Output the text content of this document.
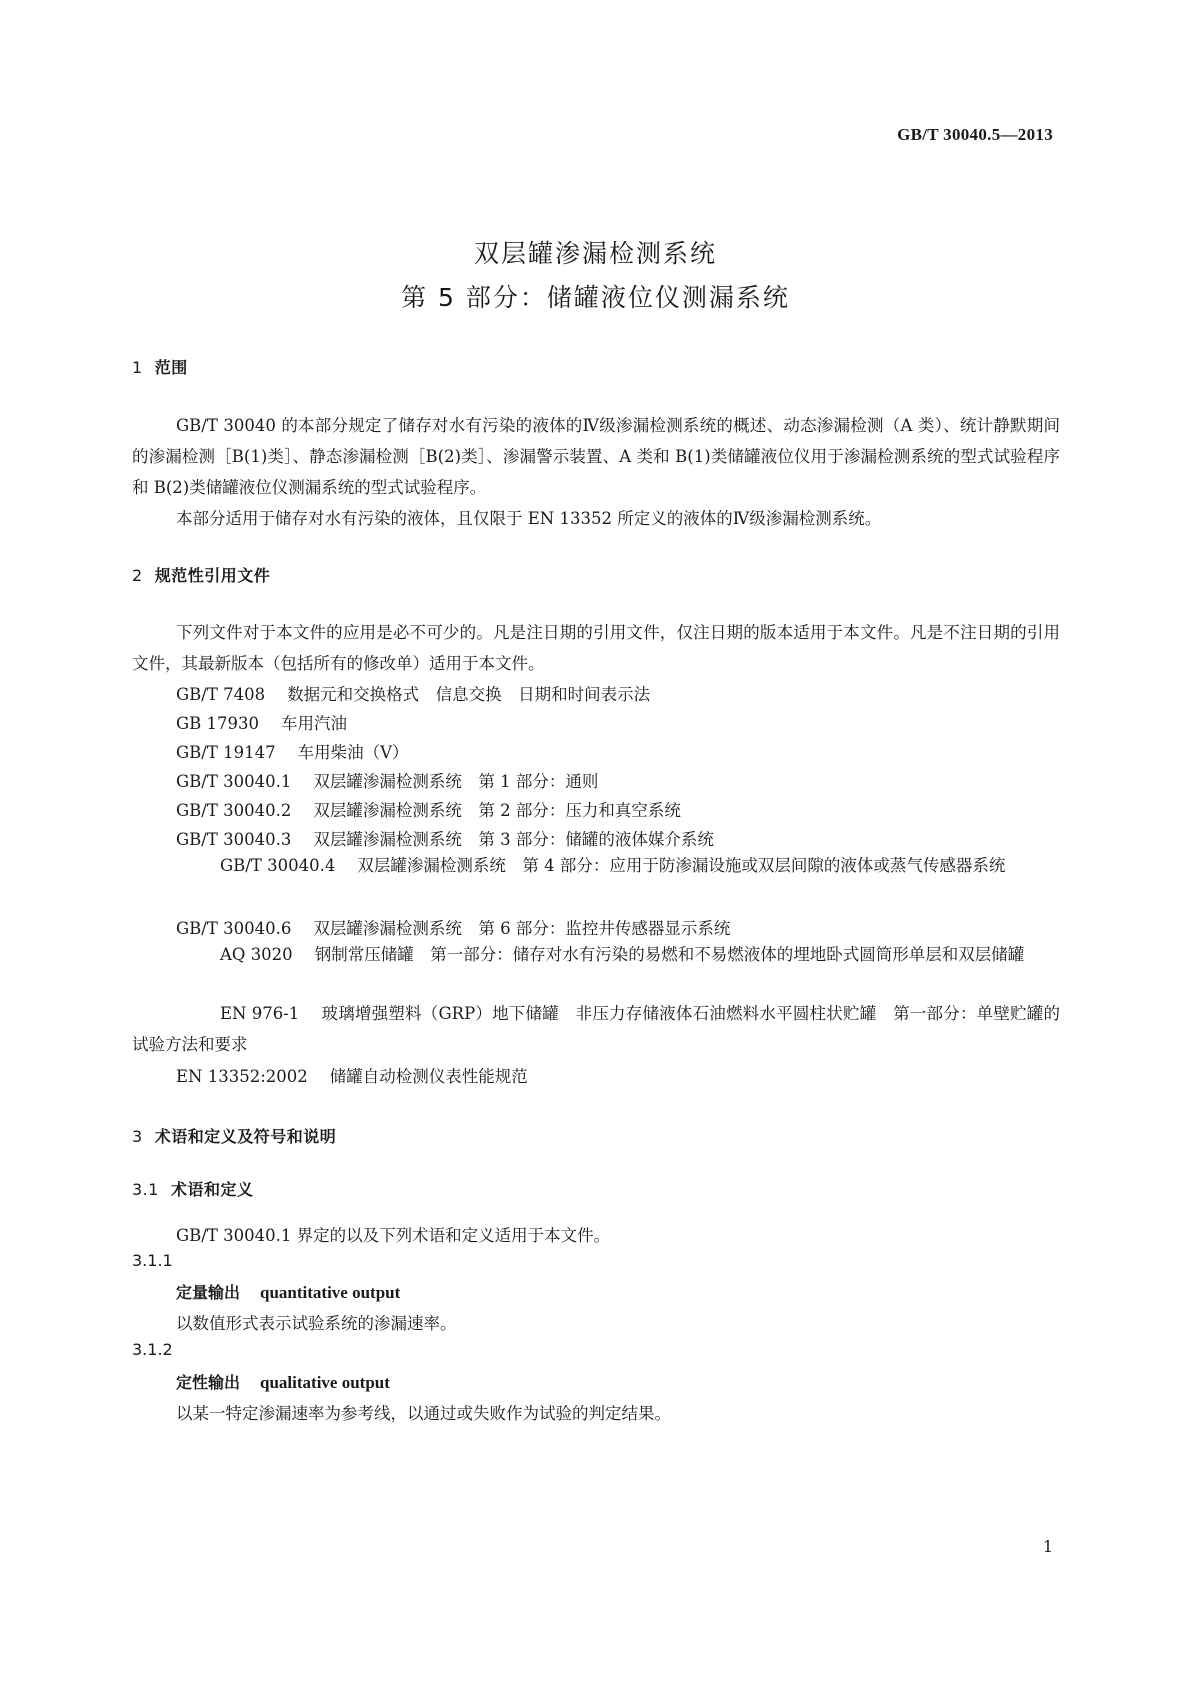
GB/T 30040.5—2013
双层罐渗漏检测系统
第 5 部分：储罐液位仪测漏系统
1 范围
GB/T 30040 的本部分规定了储存对水有污染的液体的Ⅳ级渗漏检测系统的概述、动态渗漏检测（A 类）、统计静默期间的渗漏检测［B(1)类］、静态渗漏检测［B(2)类］、渗漏警示装置、A 类和 B(1)类储罐液位仪用于渗漏检测系统的型式试验程序和 B(2)类储罐液位仪测漏系统的型式试验程序。
本部分适用于储存对水有污染的液体，且仅限于 EN 13352 所定义的液体的Ⅳ级渗漏检测系统。
2 规范性引用文件
下列文件对于本文件的应用是必不可少的。凡是注日期的引用文件，仅注日期的版本适用于本文件。凡是不注日期的引用文件，其最新版本（包括所有的修改单）适用于本文件。
GB/T 7408 数据元和交换格式　信息交换　日期和时间表示法
GB 17930 车用汽油
GB/T 19147 车用柴油（Ⅴ）
GB/T 30040.1 双层罐渗漏检测系统　第 1 部分：通则
GB/T 30040.2 双层罐渗漏检测系统　第 2 部分：压力和真空系统
GB/T 30040.3 双层罐渗漏检测系统　第 3 部分：储罐的液体媒介系统
GB/T 30040.4 双层罐渗漏检测系统　第 4 部分：应用于防渗漏设施或双层间隙的液体或蒸气传感器系统
GB/T 30040.6 双层罐渗漏检测系统　第 6 部分：监控井传感器显示系统
AQ 3020 钢制常压储罐　第一部分：储存对水有污染的易燃和不易燃液体的埋地卧式圆筒形单层和双层储罐
EN 976-1 玻璃增强塑料（GRP）地下储罐　非压力存储液体石油燃料水平圆柱状贮罐　第一部分：单壁贮罐的试验方法和要求
EN 13352:2002 储罐自动检测仪表性能规范
3 术语和定义及符号和说明
3.1 术语和定义
GB/T 30040.1 界定的以及下列术语和定义适用于本文件。
3.1.1
定量输出 quantitative output
以数值形式表示试验系统的渗漏速率。
3.1.2
定性输出 qualitative output
以某一特定渗漏速率为参考线，以通过或失败作为试验的判定结果。
1
